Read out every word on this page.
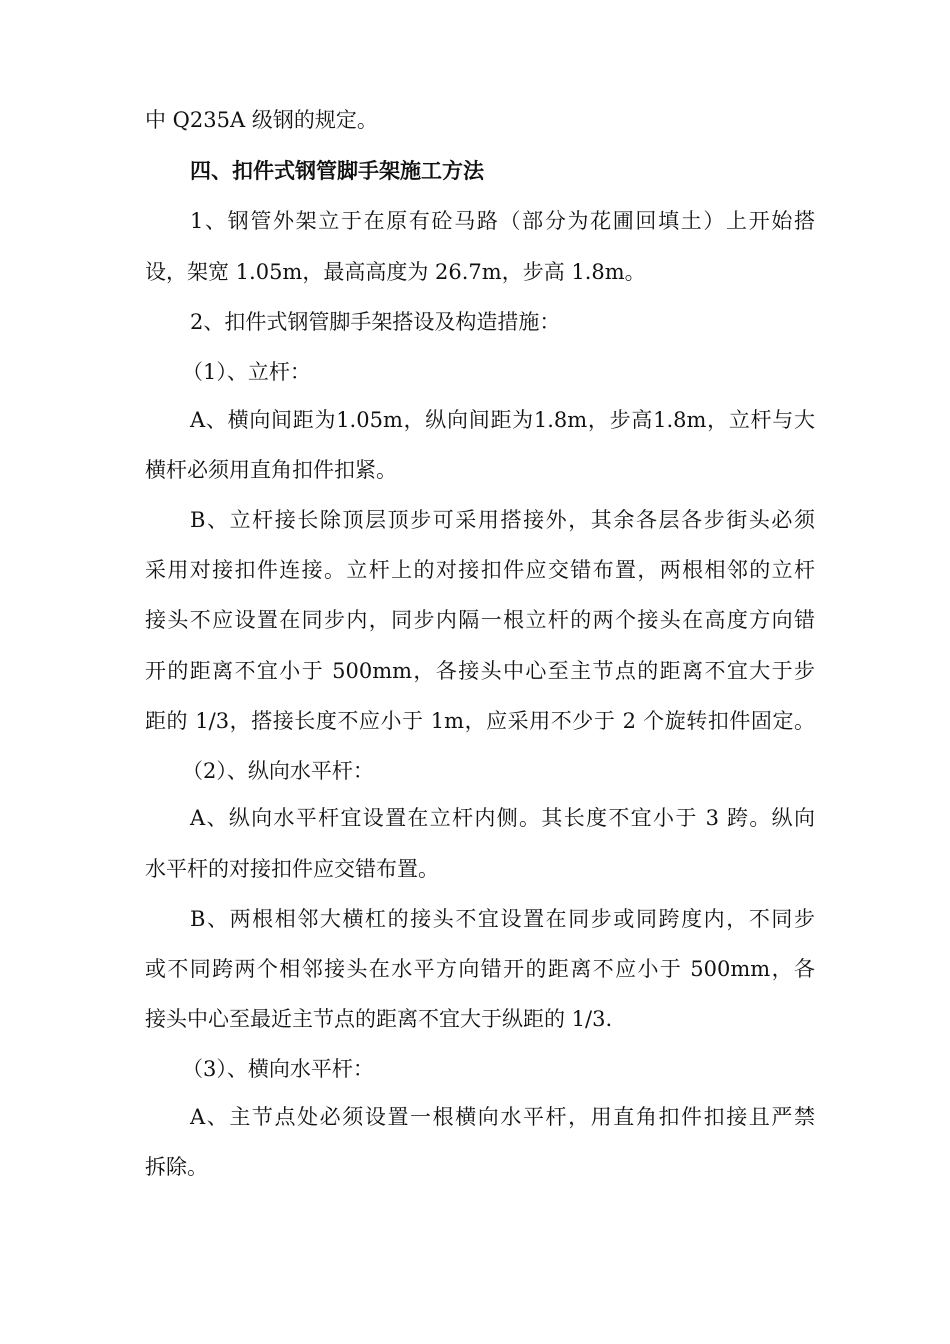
中 Q235A 级钢的规定。
四、扣件式钢管脚手架施工方法
1、钢管外架立于在原有砼马路（部分为花圃回填土）上开始搭
设，架宽 1.05m，最高高度为 26.7m，步高 1.8m。
2、扣件式钢管脚手架搭设及构造措施：
（1）、立杆：
A、横向间距为1.05m，纵向间距为1.8m，步高1.8m，立杆与大
横杆必须用直角扣件扣紧。
B、立杆接长除顶层顶步可采用搭接外，其余各层各步街头必须
采用对接扣件连接。立杆上的对接扣件应交错布置，两根相邻的立杆
接头不应设置在同步内，同步内隔一根立杆的两个接头在高度方向错
开的距离不宜小于 500mm，各接头中心至主节点的距离不宜大于步
距的 1/3，搭接长度不应小于 1m，应采用不少于 2 个旋转扣件固定。
（2）、纵向水平杆：
A、纵向水平杆宜设置在立杆内侧。其长度不宜小于 3 跨。纵向
水平杆的对接扣件应交错布置。
B、两根相邻大横杠的接头不宜设置在同步或同跨度内，不同步
或不同跨两个相邻接头在水平方向错开的距离不应小于 500mm，各
接头中心至最近主节点的距离不宜大于纵距的 1/3.
（3）、横向水平杆：
A、主节点处必须设置一根横向水平杆，用直角扣件扣接且严禁
拆除。
